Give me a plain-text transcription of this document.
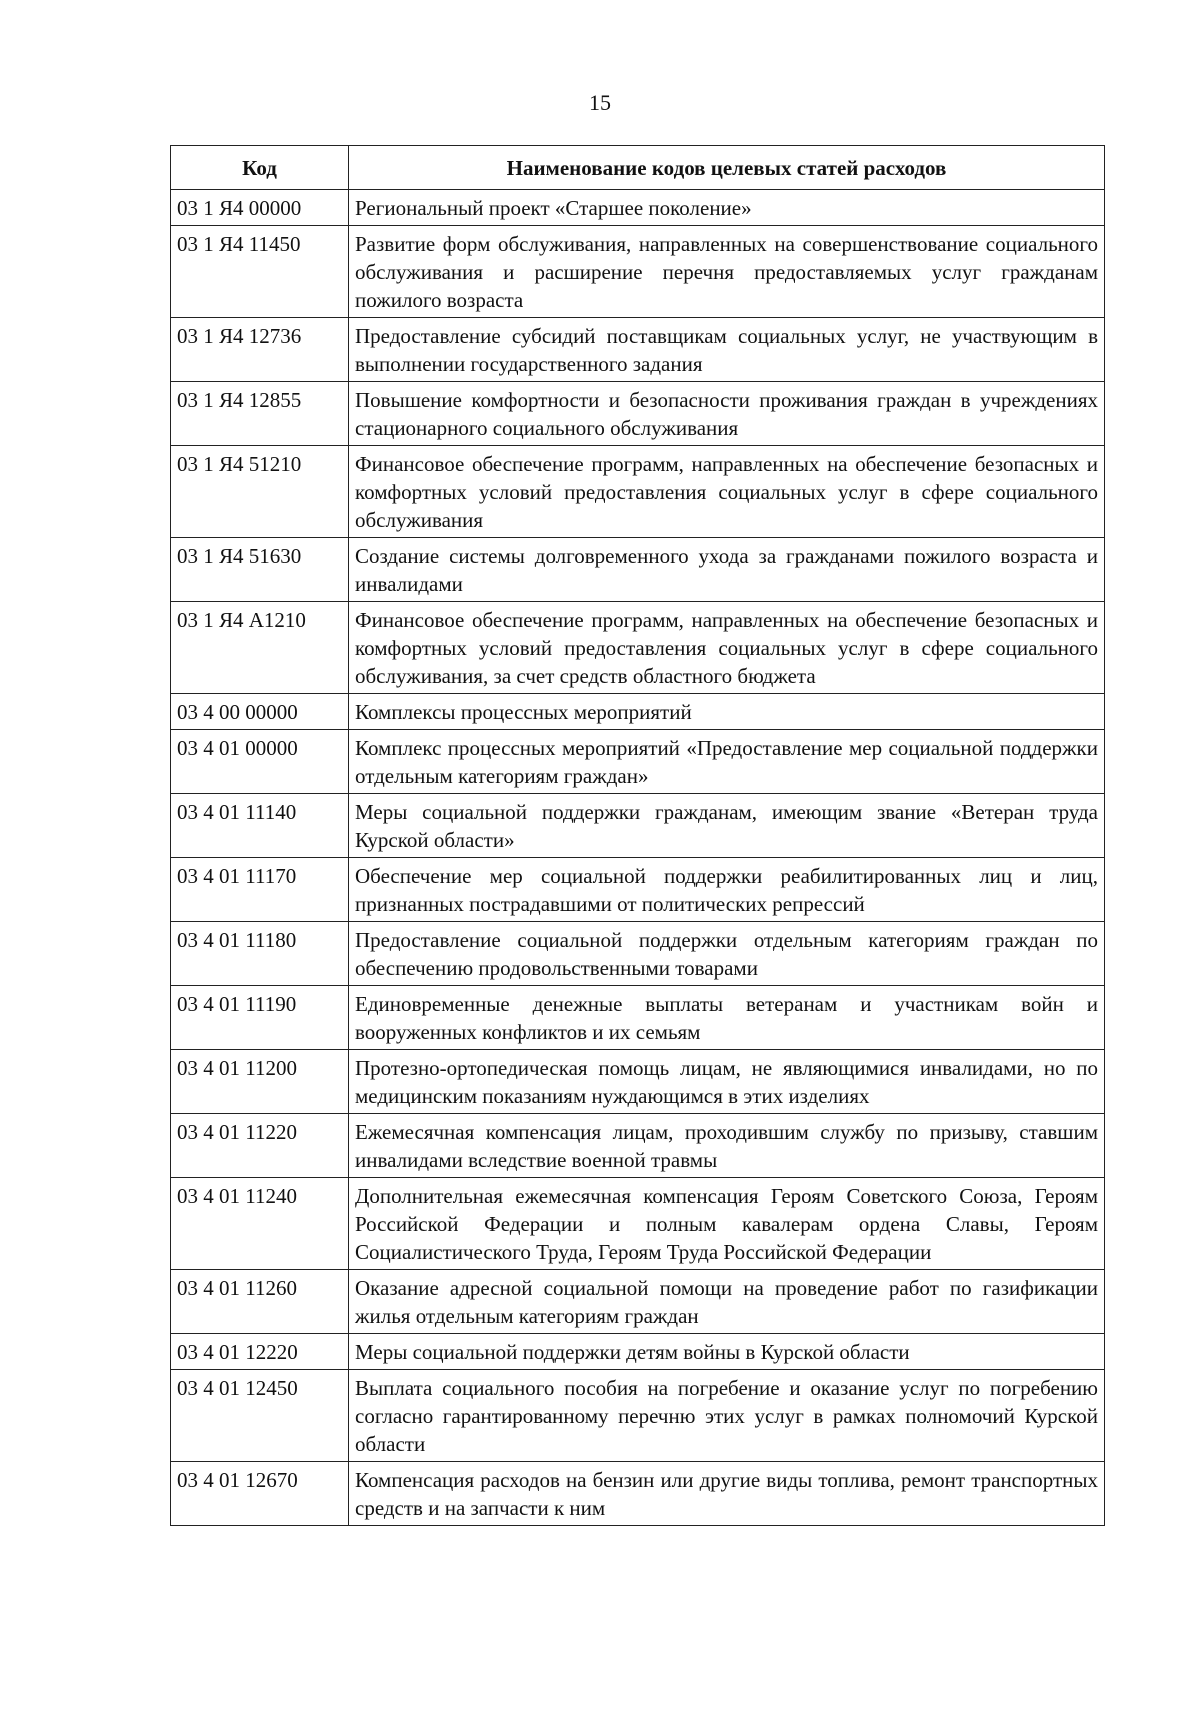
15
Код	Наименование кодов целевых статей расходов
03 1 Я4 00000	Региональный проект «Старшее поколение»
03 1 Я4 11450	Развитие форм обслуживания, направленных на совершенствование социального обслуживания и расширение перечня предоставляемых услуг гражданам пожилого возраста
03 1 Я4 12736	Предоставление субсидий поставщикам социальных услуг, не участвующим в выполнении государственного задания
03 1 Я4 12855	Повышение комфортности и безопасности проживания граждан в учреждениях стационарного социального обслуживания
03 1 Я4 51210	Финансовое обеспечение программ, направленных на обеспечение безопасных и комфортных условий предоставления социальных услуг в сфере социального обслуживания
03 1 Я4 51630	Создание системы долговременного ухода за гражданами пожилого возраста и инвалидами
03 1 Я4 А1210	Финансовое обеспечение программ, направленных на обеспечение безопасных и комфортных условий предоставления социальных услуг в сфере социального обслуживания, за счет средств областного бюджета
03 4 00 00000	Комплексы процессных мероприятий
03 4 01 00000	Комплекс процессных мероприятий «Предоставление мер социальной поддержки отдельным категориям граждан»
03 4 01 11140	Меры социальной поддержки гражданам, имеющим звание «Ветеран труда Курской области»
03 4 01 11170	Обеспечение мер социальной поддержки реабилитированных лиц и лиц, признанных пострадавшими от политических репрессий
03 4 01 11180	Предоставление социальной поддержки отдельным категориям граждан по обеспечению продовольственными товарами
03 4 01 11190	Единовременные денежные выплаты ветеранам и участникам войн и вооруженных конфликтов и их семьям
03 4 01 11200	Протезно-ортопедическая помощь лицам, не являющимися инвалидами, но по медицинским показаниям нуждающимся в этих изделиях
03 4 01 11220	Ежемесячная компенсация лицам, проходившим службу по призыву, ставшим инвалидами вследствие военной травмы
03 4 01 11240	Дополнительная ежемесячная компенсация Героям Советского Союза, Героям Российской Федерации и полным кавалерам ордена Славы, Героям Социалистического Труда, Героям Труда Российской Федерации
03 4 01 11260	Оказание адресной социальной помощи на проведение работ по газификации жилья отдельным категориям граждан
03 4 01 12220	Меры социальной поддержки детям войны в Курской области
03 4 01 12450	Выплата социального пособия на погребение и оказание услуг по погребению согласно гарантированному перечню этих услуг в рамках полномочий Курской области
03 4 01 12670	Компенсация расходов на бензин или другие виды топлива, ремонт транспортных средств и на запчасти к ним
